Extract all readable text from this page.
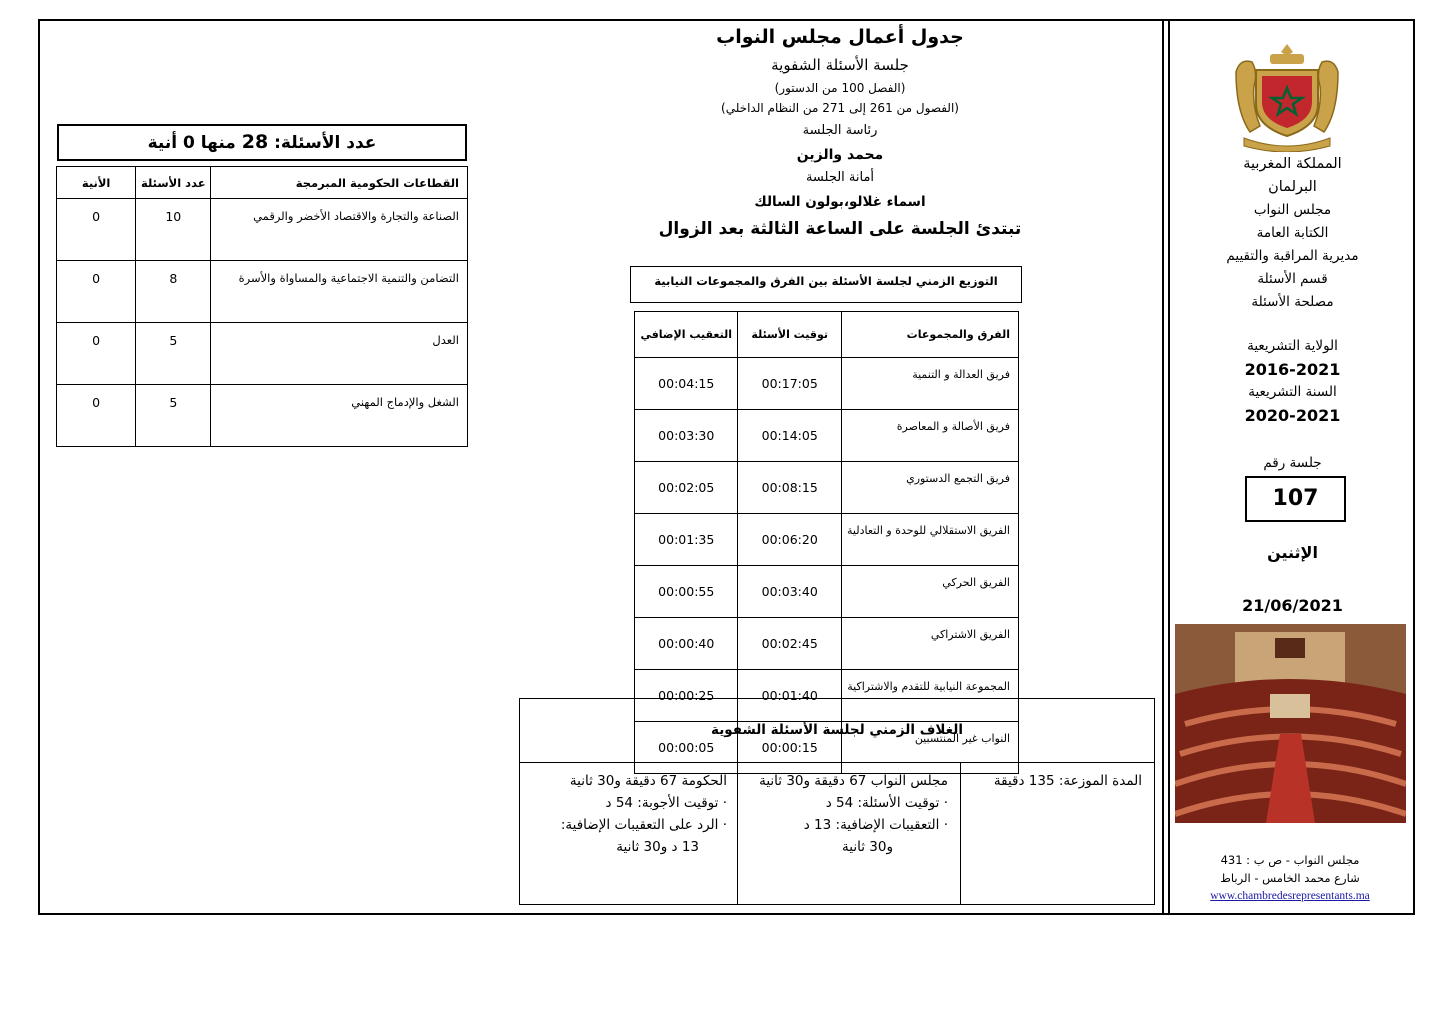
المملكة المغربية
البرلمان
مجلس النواب
الكتابة العامة
مديرية المراقبة والتقييم
قسم الأسئلة
مصلحة الأسئلة
الولاية التشريعية
2016-2021
السنة التشريعية
2020-2021
جلسة رقم
107
الإثنين
21/06/2021
مجلس النواب - ص ب : 431
شارع محمد الخامس - الرباط
www.chambredesrepresentants.ma
جدول أعمال مجلس النواب
جلسة الأسئلة الشفوية
(الفصل 100 من الدستور)
(الفصول من 261 إلى 271 من النظام الداخلي)
رئاسة الجلسة
محمد والزين
أمانة الجلسة
اسماء غلالو،بولون السالك
تبتدئ الجلسة على الساعة الثالثة بعد الزوال
عدد الأسئلة: 28 منها 0 أنية
القطاعات الحكومية المبرمجة	عدد الأسئلة	الأنية
الصناعة والتجارة والاقتصاد الأخضر والرقمي	10	0
التضامن والتنمية الاجتماعية والمساواة والأسرة	8	0
العدل	5	0
الشغل والإدماج المهني	5	0
التوزيع الزمني لجلسة الأسئلة بين الفرق والمجموعات النيابية
الفرق والمجموعات	توقيت الأسئلة	التعقيب الإضافي
فريق العدالة و التنمية	00:17:05	00:04:15
فريق الأصالة و المعاصرة	00:14:05	00:03:30
فريق التجمع الدستوري	00:08:15	00:02:05
الفريق الاستقلالي للوحدة و التعادلية	00:06:20	00:01:35
الفريق الحركي	00:03:40	00:00:55
الفريق الاشتراكي	00:02:45	00:00:40
المجموعة النيابية للتقدم والاشتراكية	00:01:40	00:00:25
النواب غير المنتسبين	00:00:15	00:00:05
الغلاف الزمني لجلسة الأسئلة الشفوية
المدة الموزعة: 135 دقيقة
مجلس النواب 67 دقيقة و30 ثانية
· توقيت الأسئلة: 54 د
· التعقيبات الإضافية: 13 د
و30 ثانية
الحكومة 67 دقيقة و30 ثانية
· توقيت الأجوبة: 54 د
· الرد على التعقيبات الإضافية:
13 د و30 ثانية
